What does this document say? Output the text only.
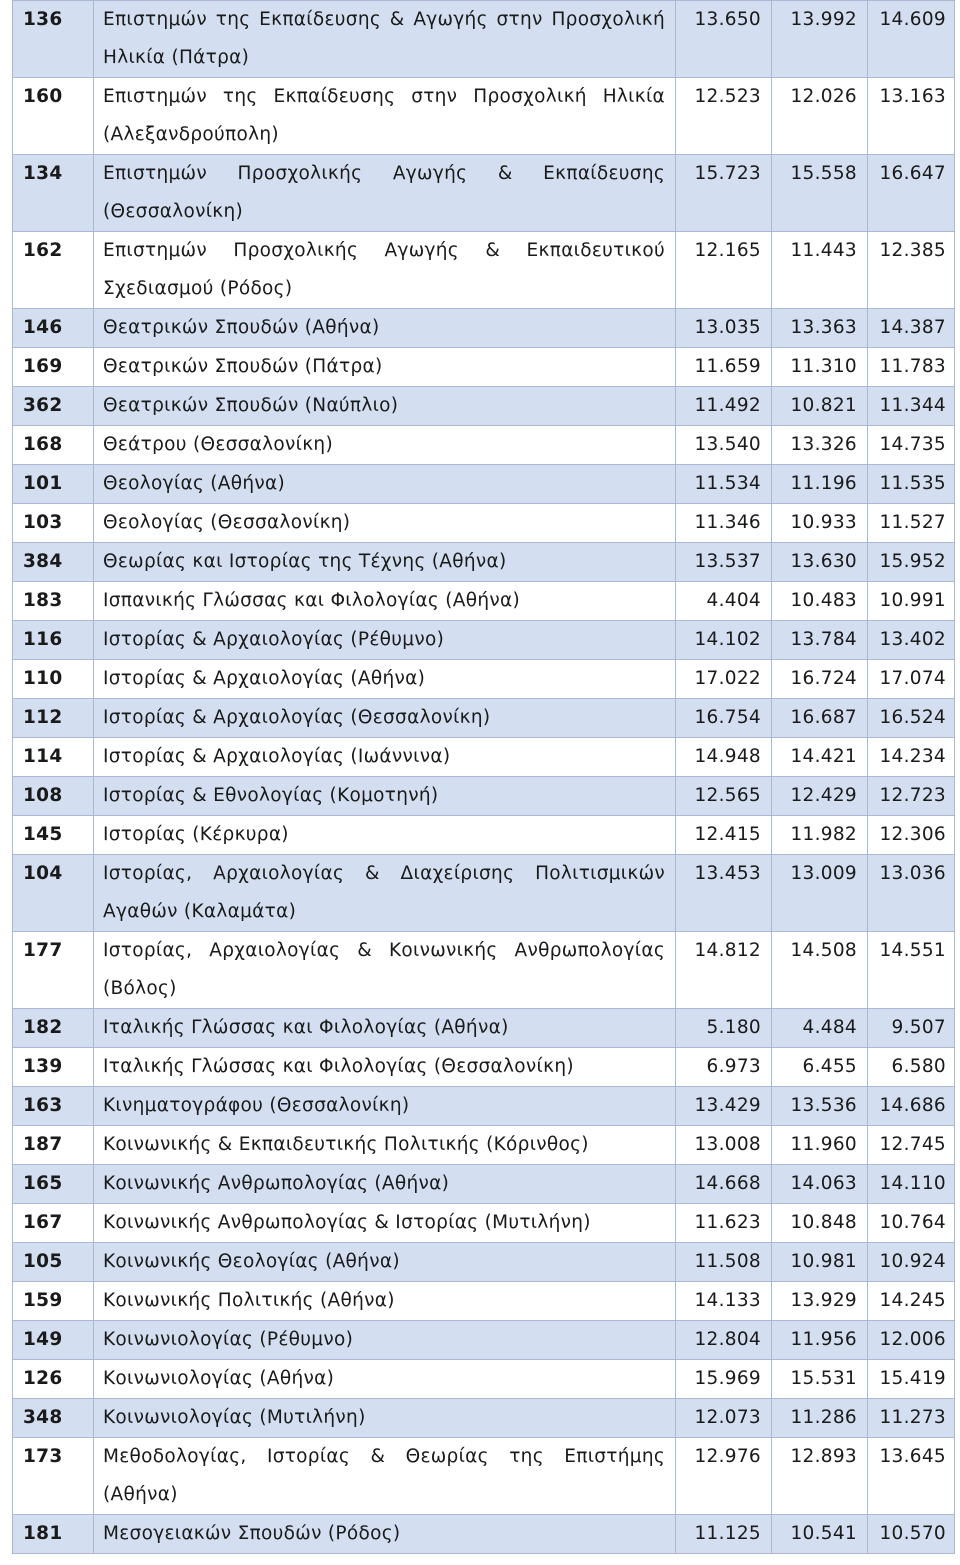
136	Επιστημών της Εκπαίδευσης & Αγωγής στην Προσχολική Ηλικία (Πάτρα)	13.650	13.992	14.609
160	Επιστημών της Εκπαίδευσης στην Προσχολική Ηλικία (Αλεξανδρούπολη)	12.523	12.026	13.163
134	Επιστημών Προσχολικής Αγωγής & Εκπαίδευσης (Θεσσαλονίκη)	15.723	15.558	16.647
162	Επιστημών Προσχολικής Αγωγής & Εκπαιδευτικού Σχεδιασμού (Ρόδος)	12.165	11.443	12.385
146	Θεατρικών Σπουδών (Αθήνα)	13.035	13.363	14.387
169	Θεατρικών Σπουδών (Πάτρα)	11.659	11.310	11.783
362	Θεατρικών Σπουδών (Ναύπλιο)	11.492	10.821	11.344
168	Θεάτρου (Θεσσαλονίκη)	13.540	13.326	14.735
101	Θεολογίας (Αθήνα)	11.534	11.196	11.535
103	Θεολογίας (Θεσσαλονίκη)	11.346	10.933	11.527
384	Θεωρίας και Ιστορίας της Τέχνης (Αθήνα)	13.537	13.630	15.952
183	Ισπανικής Γλώσσας και Φιλολογίας (Αθήνα)	4.404	10.483	10.991
116	Ιστορίας & Αρχαιολογίας (Ρέθυμνο)	14.102	13.784	13.402
110	Ιστορίας & Αρχαιολογίας (Αθήνα)	17.022	16.724	17.074
112	Ιστορίας & Αρχαιολογίας (Θεσσαλονίκη)	16.754	16.687	16.524
114	Ιστορίας & Αρχαιολογίας (Ιωάννινα)	14.948	14.421	14.234
108	Ιστορίας & Εθνολογίας (Κομοτηνή)	12.565	12.429	12.723
145	Ιστορίας (Κέρκυρα)	12.415	11.982	12.306
104	Ιστορίας, Αρχαιολογίας & Διαχείρισης Πολιτισμικών Αγαθών (Καλαμάτα)	13.453	13.009	13.036
177	Ιστορίας, Αρχαιολογίας & Κοινωνικής Ανθρωπολογίας (Βόλος)	14.812	14.508	14.551
182	Ιταλικής Γλώσσας και Φιλολογίας (Αθήνα)	5.180	4.484	9.507
139	Ιταλικής Γλώσσας και Φιλολογίας (Θεσσαλονίκη)	6.973	6.455	6.580
163	Κινηματογράφου (Θεσσαλονίκη)	13.429	13.536	14.686
187	Κοινωνικής & Εκπαιδευτικής Πολιτικής (Κόρινθος)	13.008	11.960	12.745
165	Κοινωνικής Ανθρωπολογίας (Αθήνα)	14.668	14.063	14.110
167	Κοινωνικής Ανθρωπολογίας & Ιστορίας (Μυτιλήνη)	11.623	10.848	10.764
105	Κοινωνικής Θεολογίας (Αθήνα)	11.508	10.981	10.924
159	Κοινωνικής Πολιτικής (Αθήνα)	14.133	13.929	14.245
149	Κοινωνιολογίας (Ρέθυμνο)	12.804	11.956	12.006
126	Κοινωνιολογίας (Αθήνα)	15.969	15.531	15.419
348	Κοινωνιολογίας (Μυτιλήνη)	12.073	11.286	11.273
173	Μεθοδολογίας, Ιστορίας & Θεωρίας της Επιστήμης (Αθήνα)	12.976	12.893	13.645
181	Μεσογειακών Σπουδών (Ρόδος)	11.125	10.541	10.570
